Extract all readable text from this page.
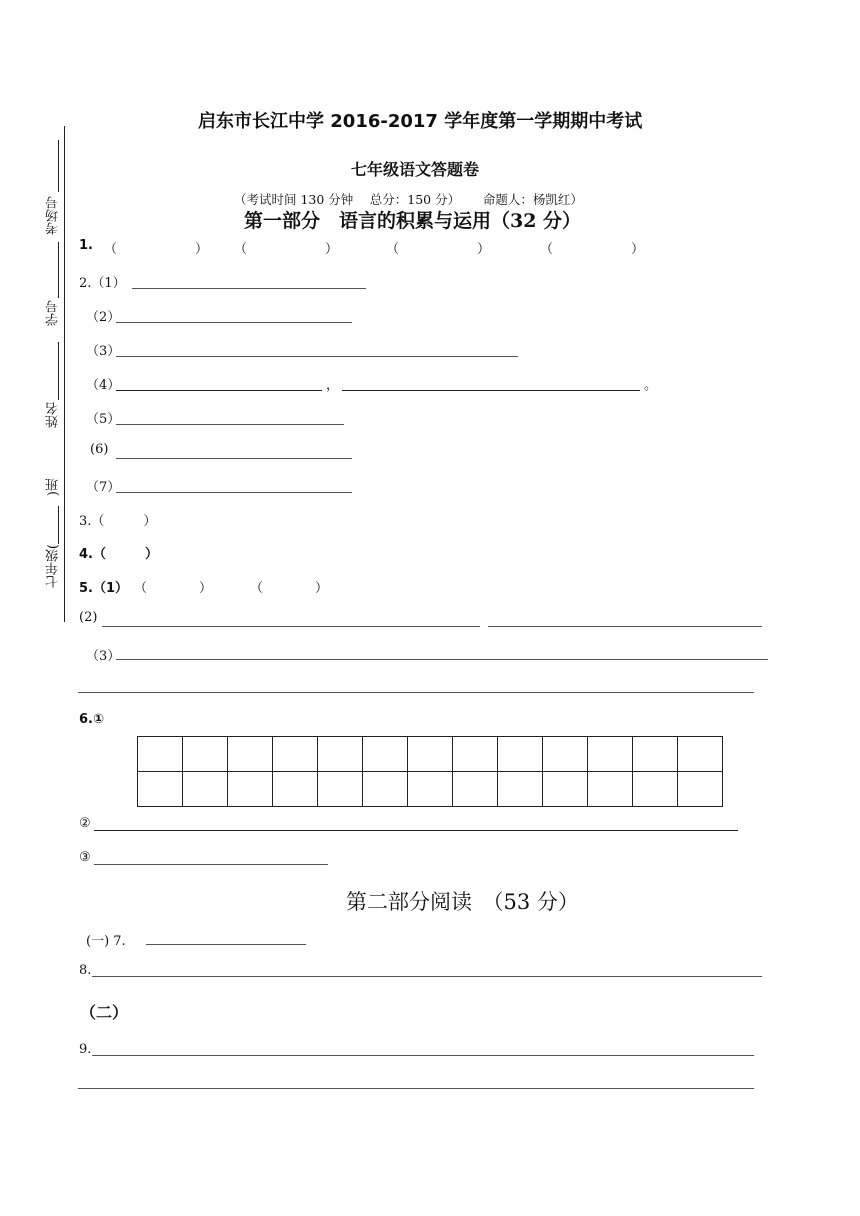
启东市长江中学 2016-2017 学年度第一学期期中考试
七年级语文答题卷
（考试时间 130 分钟　 总分：150 分）　　 命题人：杨凯红）
考场号
学号
姓名
)班
七年级(
第一部分　语言的积累与运用（32 分）
1. （　　　　　　） （　　　　　　）	（　　　　　　）	（　　　　　　）
2.（1）
（2）
（3）
（4）	，	。
（5）
(6)
（7）
3.（　　　）
4.（　　　）
5.（1） （　　　　）	（　　　　）
(2)
（3）
6.①

②
③
第二部分阅读　（53 分）
(一) 7.
8.
（二）
9.
